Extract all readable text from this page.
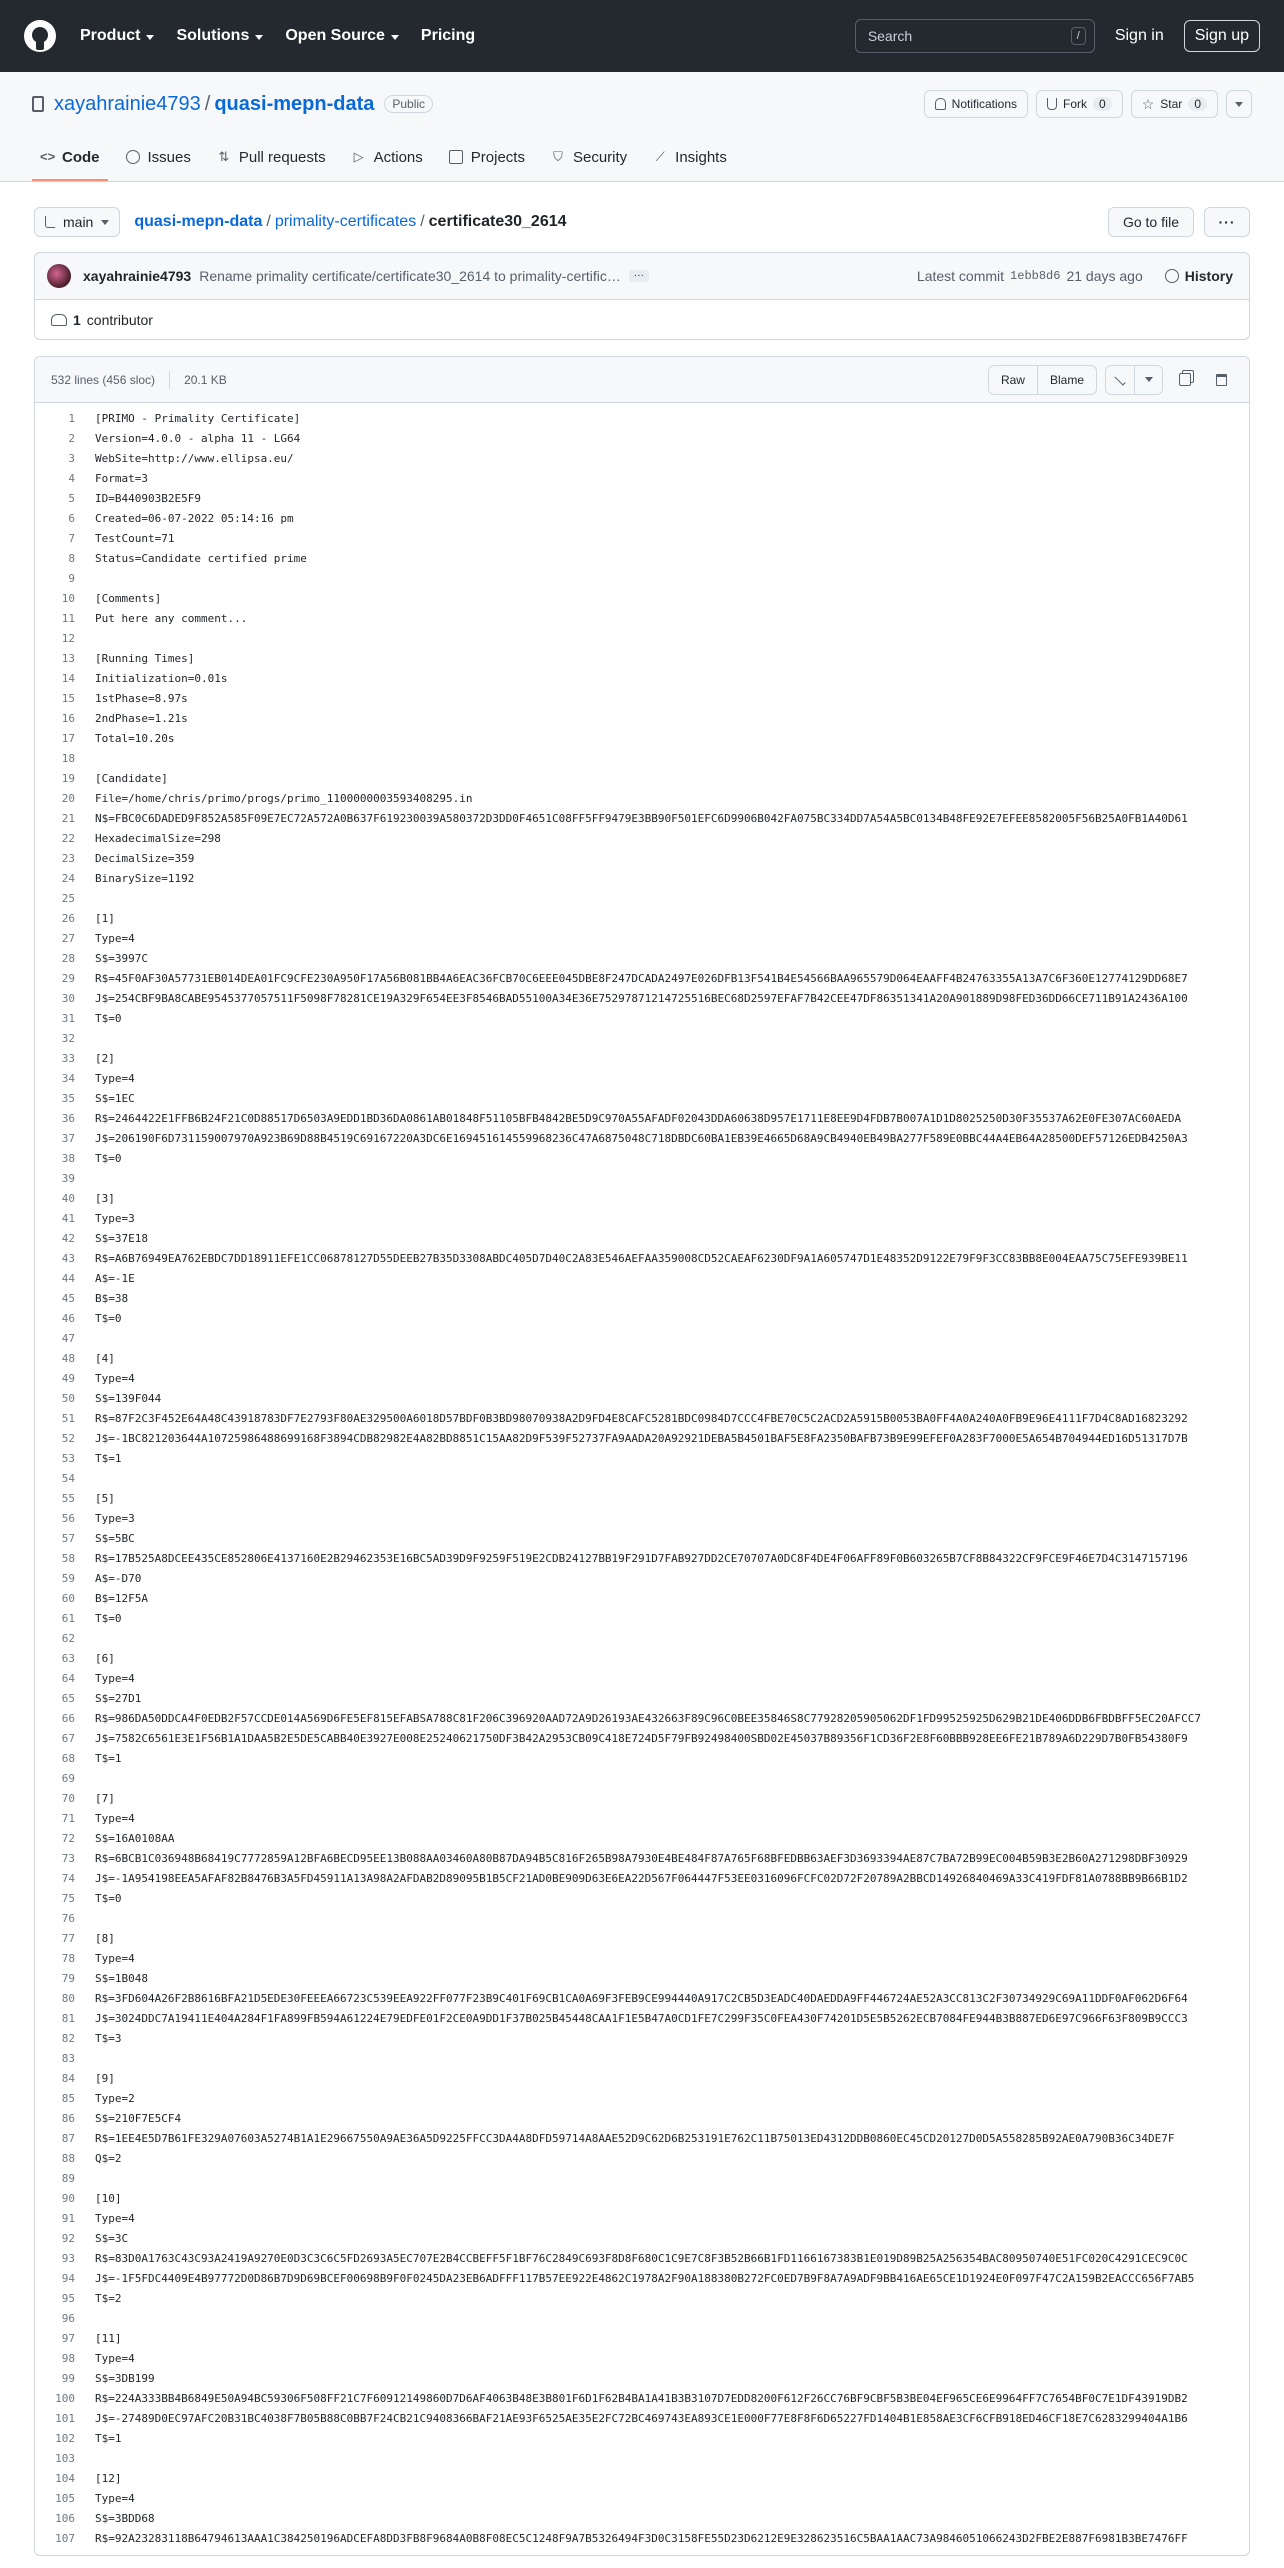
Product Solutions Open Source Pricing	Search	/	Sign in	Sign up
xayahrainie4793 / quasi-mepn-data	Public	Notifications	Fork	0	☆ Star	0
<> Code	Issues ⇅ Pull requests ▷ Actions	Projects ⛉ Security ⟋ Insights
main	quasi-mepn-data / primality-certificates / certificate30_2614	Go to file	···
xayahrainie4793 Rename primality certificate/certificate30_2614 to primality-certific…	···	Latest commit 1ebb8d6 21 days ago	History
1 contributor
532 lines (456 sloc) 20.1 KB	Raw	Blame
1	[PRIMO - Primality Certificate]
2	Version=4.0.0 - alpha 11 - LG64
3	WebSite=http://www.ellipsa.eu/
4	Format=3
5	ID=B440903B2E5F9
6	Created=06-07-2022 05:14:16 pm
7	TestCount=71
8	Status=Candidate certified prime
9
10	[Comments]
11	Put here any comment...
12
13	[Running Times]
14	Initialization=0.01s
15	1stPhase=8.97s
16	2ndPhase=1.21s
17	Total=10.20s
18
19	[Candidate]
20	File=/home/chris/primo/progs/primo_1100000003593408295.in
21	N$=FBC0C6DADED9F852A585F09E7EC72A572A0B637F619230039A580372D3DD0F4651C08FF5FF9479E3BB90F501EFC6D9906B042FA075BC334DD7A54A5BC0134B48FE92E7EFEE8582005F56B25A0FB1A40D61
22	HexadecimalSize=298
23	DecimalSize=359
24	BinarySize=1192
25
26	[1]
27	Type=4
28	S$=3997C
29	R$=45F0AF30A57731EB014DEA01FC9CFE230A950F17A56B081BB4A6EAC36FCB70C6EEE045DBE8F247DCADA2497E026DFB13F541B4E54566BAA965579D064EAAFF4B24763355A13A7C6F360E12774129DD68E7
30	J$=254CBF9BA8CABE9545377057511F5098F78281CE19A329F654EE3F8546BAD55100A34E36E75297871214725516BEC68D2597EFAF7B42CEE47DF86351341A20A901889D98FED36DD66CE711B91A2436A100
31	T$=0
32
33	[2]
34	Type=4
35	S$=1EC
36	R$=2464422E1FFB6B24F21C0D88517D6503A9EDD1BD36DA0861AB01848F51105BFB4842BE5D9C970A55AFADF02043DDA60638D957E1711E8EE9D4FDB7B007A1D1D8025250D30F35537A62E0FE307AC60AEDA
37	J$=206190F6D731159007970A923B69D88B4519C69167220A3DC6E169451614559968236C47A6875048C718DBDC60BA1EB39E4665D68A9CB4940EB49BA277F589E0BBC44A4EB64A28500DEF57126EDB4250A3
38	T$=0
39
40	[3]
41	Type=3
42	S$=37E18
43	R$=A6B76949EA762EBDC7DD18911EFE1CC06878127D55DEEB27B35D3308ABDC405D7D40C2A83E546AEFAA359008CD52CAEAF6230DF9A1A605747D1E48352D9122E79F9F3CC83BB8E004EAA75C75EFE939BE11
44	A$=-1E
45	B$=38
46	T$=0
47
48	[4]
49	Type=4
50	S$=139F044
51	R$=87F2C3F452E64A48C43918783DF7E2793F80AE329500A6018D57BDF0B3BD98070938A2D9FD4E8CAFC5281BDC0984D7CCC4FBE70C5C2ACD2A5915B0053BA0FF4A0A240A0FB9E96E4111F7D4C8AD16823292
52	J$=-1BC821203644A10725986488699168F3894CDB82982E4A82BD8851C15AA82D9F539F52737FA9AADA20A92921DEBA5B4501BAF5E8FA2350BAFB73B9E99EFEF0A283F7000E5A654B704944ED16D51317D7B
53	T$=1
54
55	[5]
56	Type=3
57	S$=5BC
58	R$=17B525A8DCEE435CE852806E4137160E2B29462353E16BC5AD39D9F9259F519E2CDB24127BB19F291D7FAB927DD2CE70707A0DC8F4DE4F06AFF89F0B603265B7CF8B84322CF9FCE9F46E7D4C3147157196
59	A$=-D70
60	B$=12F5A
61	T$=0
62
63	[6]
64	Type=4
65	S$=27D1
66	R$=986DA50DDCA4F0EDB2F57CCDE014A569D6FE5EF815EFABSA788C81F206C396920AAD72A9D26193AE432663F89C96C0BEE35846S8C77928205905062DF1FD99525925D629B21DE406DDB6FBDBFF5EC20AFCC7
67	J$=7582C6561E3E1F56B1A1DAA5B2E5DE5CABB40E3927E008E25240621750DF3B42A2953CB09C418E724D5F79FB92498400SBD02E45037B89356F1CD36F2E8F60BBB928EE6FE21B789A6D229D7B0FB54380F9
68	T$=1
69
70	[7]
71	Type=4
72	S$=16A0108AA
73	R$=6BCB1C036948B68419C7772859A12BFA6BECD95EE13B088AA03460A80B87DA94B5C816F265B98A7930E4BE484F87A765F68BFEDBB63AEF3D3693394AE87C7BA72B99EC004B59B3E2B60A271298DBF30929
74	J$=-1A954198EEA5AFAF82B8476B3A5FD45911A13A98A2AFDAB2D89095B1B5CF21AD0BE909D63E6EA22D567F064447F53EE0316096FCFC02D72F20789A2BBCD14926840469A33C419FDF81A0788BB9B66B1D2
75	T$=0
76
77	[8]
78	Type=4
79	S$=1B048
80	R$=3FD604A26F2B8616BFA21D5EDE30FEEEA66723C539EEA922FF077F23B9C401F69CB1CA0A69F3FEB9CE994440A917C2CB5D3EADC40DAEDDA9FF446724AE52A3CC813C2F30734929C69A11DDF0AF062D6F64
81	J$=3024DDC7A19411E404A284F1FA899FB594A61224E79EDFE01F2CE0A9DD1F37B025B45448CAA1F1E5B47A0CD1FE7C299F35C0FEA430F74201D5E5B5262ECB7084FE944B3B887ED6E97C966F63F809B9CCC3
82	T$=3
83
84	[9]
85	Type=2
86	S$=210F7E5CF4
87	R$=1EE4E5D7B61FE329A07603A5274B1A1E29667550A9AE36A5D9225FFCC3DA4A8DFD59714A8AAE52D9C62D6B253191E762C11B75013ED4312DDB0860EC45CD20127D0D5A558285B92AE0A790B36C34DE7F
88	Q$=2
89
90	[10]
91	Type=4
92	S$=3C
93	R$=83D0A1763C43C93A2419A9270E0D3C3C6C5FD2693A5EC707E2B4CCBEFF5F1BF76C2849C693F8D8F680C1C9E7C8F3B52B66B1FD1166167383B1E019D89B25A256354BAC80950740E51FC020C4291CEC9C0C
94	J$=-1F5FDC4409E4B97772D0D86B7D9D69BCEF00698B9F0F0245DA23EB6ADFFF117B57EE922E4862C1978A2F90A188380B272FC0ED7B9F8A7A9ADF9BB416AE65CE1D1924E0F097F47C2A159B2EACCC656F7AB5
95	T$=2
96
97	[11]
98	Type=4
99	S$=3DB199
100	R$=224A333BB4B6849E50A94BC59306F508FF21C7F60912149860D7D6AF4063B48E3B801F6D1F62B4BA1A41B3B3107D7EDD8200F612F26CC76BF9CBF5B3BE04EF965CE6E9964FF7C7654BF0C7E1DF43919DB2
101	J$=-27489D0EC97AFC20B31BC4038F7B05B88C0BB7F24CB21C9408366BAF21AE93F6525AE35E2FC72BC469743EA893CE1E000F77E8F8F6D65227FD1404B1E858AE3CF6CFB918ED46CF18E7C6283299404A1B6
102	T$=1
103
104	[12]
105	Type=4
106	S$=3BDD68
107	R$=92A23283118B64794613AAA1C384250196ADCEFA8DD3FB8F9684A0B8F08EC5C1248F9A7B5326494F3D0C3158FE55D23D6212E9E328623516C5BAA1AAC73A9846051066243D2FBE2E887F6981B3BE7476FF
